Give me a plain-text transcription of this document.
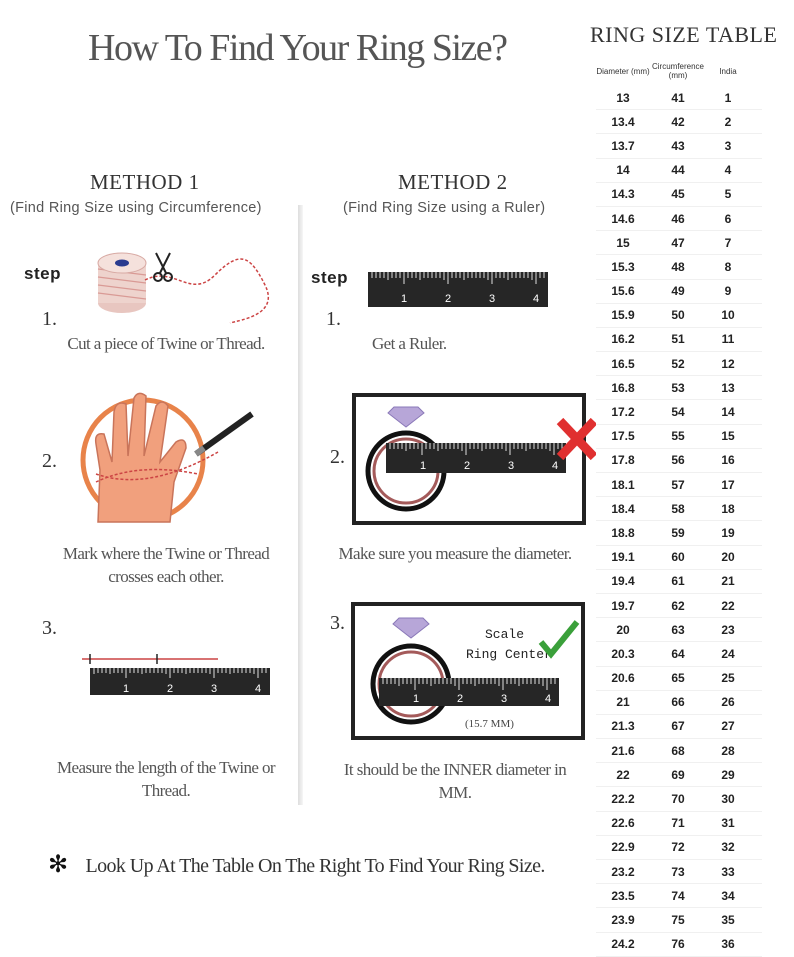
How To Find Your Ring Size?
METHOD 1
(Find Ring Size using Circumference)
METHOD 2
(Find Ring Size using a Ruler)
step
1.
Cut a piece of Twine or Thread.
2.
Mark where the Twine or Thread crosses each other.
3.
1	2	3	4
Measure the length of the Twine or Thread.
step
1.
1	2	3	4
Get a Ruler.
2.	1	2	3	4
Make sure you measure the diameter.
3.
1	2	3	4
Scale
Ring Center
(15.7 MM)
It should be the INNER diameter in MM.
✻ Look Up At The Table On The Right To Find Your Ring Size.
RING SIZE TABLE
Diameter (mm) Circumference (mm)	India
13	41	1
13.4	42	2
13.7	43	3
14	44	4
14.3	45	5
14.6	46	6
15	47	7
15.3	48	8
15.6	49	9
15.9	50	10
16.2	51	11
16.5	52	12
16.8	53	13
17.2	54	14
17.5	55	15
17.8	56	16
18.1	57	17
18.4	58	18
18.8	59	19
19.1	60	20
19.4	61	21
19.7	62	22
20	63	23
20.3	64	24
20.6	65	25
21	66	26
21.3	67	27
21.6	68	28
22	69	29
22.2	70	30
22.6	71	31
22.9	72	32
23.2	73	33
23.5	74	34
23.9	75	35
24.2	76	36
